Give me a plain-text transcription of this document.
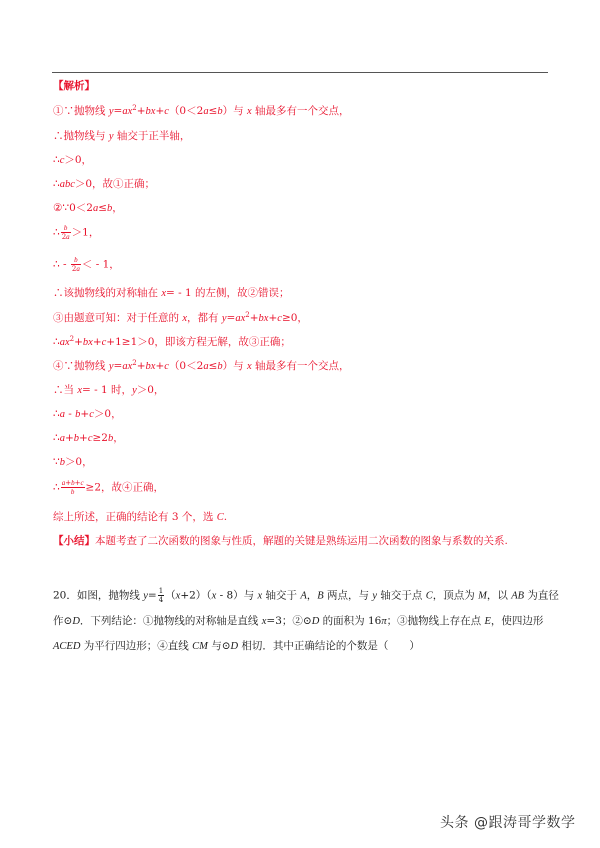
【解析】
①∵抛物线 $y=ax^2+bx+c(0<2a\le b)$与 x 轴最多有一个交点，
∴抛物线与 y 轴交于正半轴，
∴c＞0，
∴abc＞0，故①正确；
②∵0＜2a≤b，
∴ $\frac{b}{2a} >1$，
∴ - $\frac{b}{2a}$ ＜ - 1，
∴该抛物线的对称轴在 x= - 1 的左侧，故②错误；
③由题意可知：对于任意的 x，都有 $y=ax^2+bx+c\ge 0$，
$\therefore ax^2+bx+c+1\ge 1>0$，即该方程无解，故③正确；
④∵抛物线 $y=ax^2+bx+c(0<2a\le b)$与 x 轴最多有一个交点，
∴当 x= - 1 时，y＞0，
∴a - b+c＞0，
∴a+b+c≥2b，
∵b＞0，
∴ $\frac{a+b+c}{b} \ge 2$，故④正确，
综上所述，正确的结论有 3 个，选 C.
【小结】本题考查了二次函数的图象与性质，解题的关键是熟练运用二次函数的图象与系数的关系.
20．如图，抛物线 $y= \frac{1}{4} (x+2)(x - 8)$与 x 轴交于 A，B 两点，与 y 轴交于点 C，顶点为 M，以 AB 为直径
作⊙D．下列结论：①抛物线的对称轴是直线 x=3；②⊙D 的面积为 16π；③抛物线上存在点 E，使四边形
ACED 为平行四边形；④直线 CM 与⊙D 相切．其中正确结论的个数是（　　）
头条 @跟涛哥学数学
